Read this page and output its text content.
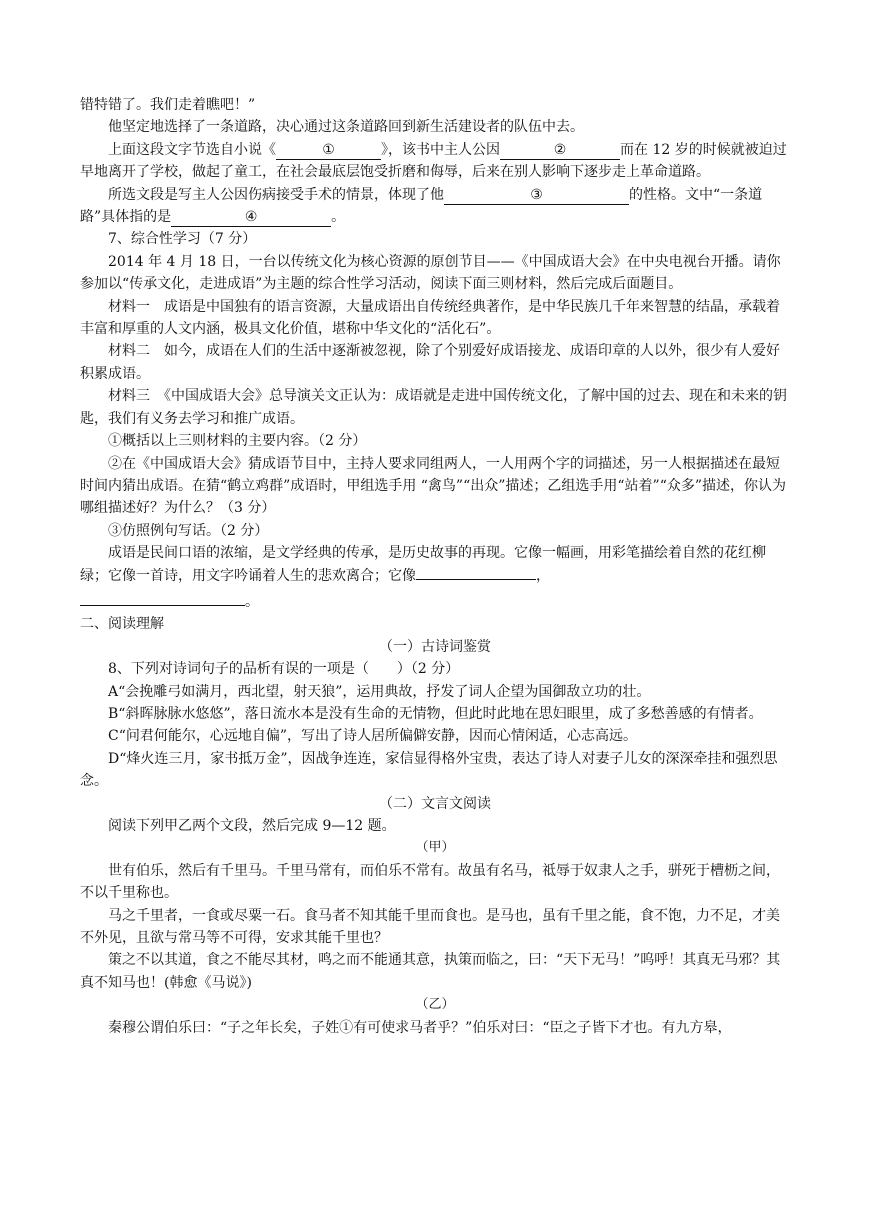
错特错了。我们走着瞧吧！”

他坚定地选择了一条道路，决心通过这条道路回到新生活建设者的队伍中去。

上面这段文字节选自小说《	①	》，该书中主人公因	②	而在 12 岁的时候就被迫过早地离开了学校，做起了童工，在社会最底层饱受折磨和侮辱，后来在别人影响下逐步走上革命道路。

所选文段是写主人公因伤病接受手术的情景，体现了他	③	的性格。文中“一条道路”具体指的是	④	。

7、综合性学习（7 分）

2014 年 4 月 18 日，一台以传统文化为核心资源的原创节目——《中国成语大会》在中央电视台开播。请你参加以“传承文化，走进成语”为主题的综合性学习活动，阅读下面三则材料，然后完成后面题目。

材料一　成语是中国独有的语言资源，大量成语出自传统经典著作，是中华民族几千年来智慧的结晶，承载着丰富和厚重的人文内涵，极具文化价值，堪称中华文化的“活化石”。

材料二　如今，成语在人们的生活中逐渐被忽视，除了个别爱好成语接龙、成语印章的人以外，很少有人爱好积累成语。

材料三　《中国成语大会》总导演关文正认为：成语就是走进中国传统文化，了解中国的过去、现在和未来的钥匙，我们有义务去学习和推广成语。

①概括以上三则材料的主要内容。（2 分）

②在《中国成语大会》猜成语节目中，主持人要求同组两人，一人用两个字的词描述，另一人根据描述在最短时间内猜出成语。在猜“鹤立鸡群”成语时，甲组选手用 “禽鸟”“出众”描述；乙组选手用“站着”“众多”描述，你认为哪组描述好？为什么？（3 分）

③仿照例句写话。（2 分）

成语是民间口语的浓缩，是文学经典的传承，是历史故事的再现。它像一幅画，用彩笔描绘着自然的花红柳绿；它像一首诗，用文字吟诵着人生的悲欢离合；它像	，

。

二、阅读理解

（一）古诗词鉴赏

8、下列对诗词句子的品析有误的一项是（　　）（2 分）

A“会挽雕弓如满月，西北望，射天狼”，运用典故，抒发了词人企望为国御敌立功的壮。

B“斜晖脉脉水悠悠”，落日流水本是没有生命的无情物，但此时此地在思妇眼里，成了多愁善感的有情者。

C“问君何能尔，心远地自偏”，写出了诗人居所偏僻安静，因而心情闲适，心志高远。

D“烽火连三月，家书抵万金”，因战争连连，家信显得格外宝贵，表达了诗人对妻子儿女的深深牵挂和强烈思念。

（二）文言文阅读

阅读下列甲乙两个文段，然后完成 9—12 题。

（甲）

世有伯乐，然后有千里马。千里马常有，而伯乐不常有。故虽有名马，祗辱于奴隶人之手，骈死于槽枥之间，不以千里称也。

马之千里者，一食或尽粟一石。食马者不知其能千里而食也。是马也，虽有千里之能，食不饱，力不足，才美不外见，且欲与常马等不可得，安求其能千里也？

策之不以其道，食之不能尽其材，鸣之而不能通其意，执策而临之，曰：“天下无马！”呜呼！其真无马邪？其真不知马也！(韩愈《马说》)

（乙）

秦穆公谓伯乐曰：“子之年长矣，子姓①有可使求马者乎？”伯乐对曰：“臣之子皆下才也。有九方皋，
